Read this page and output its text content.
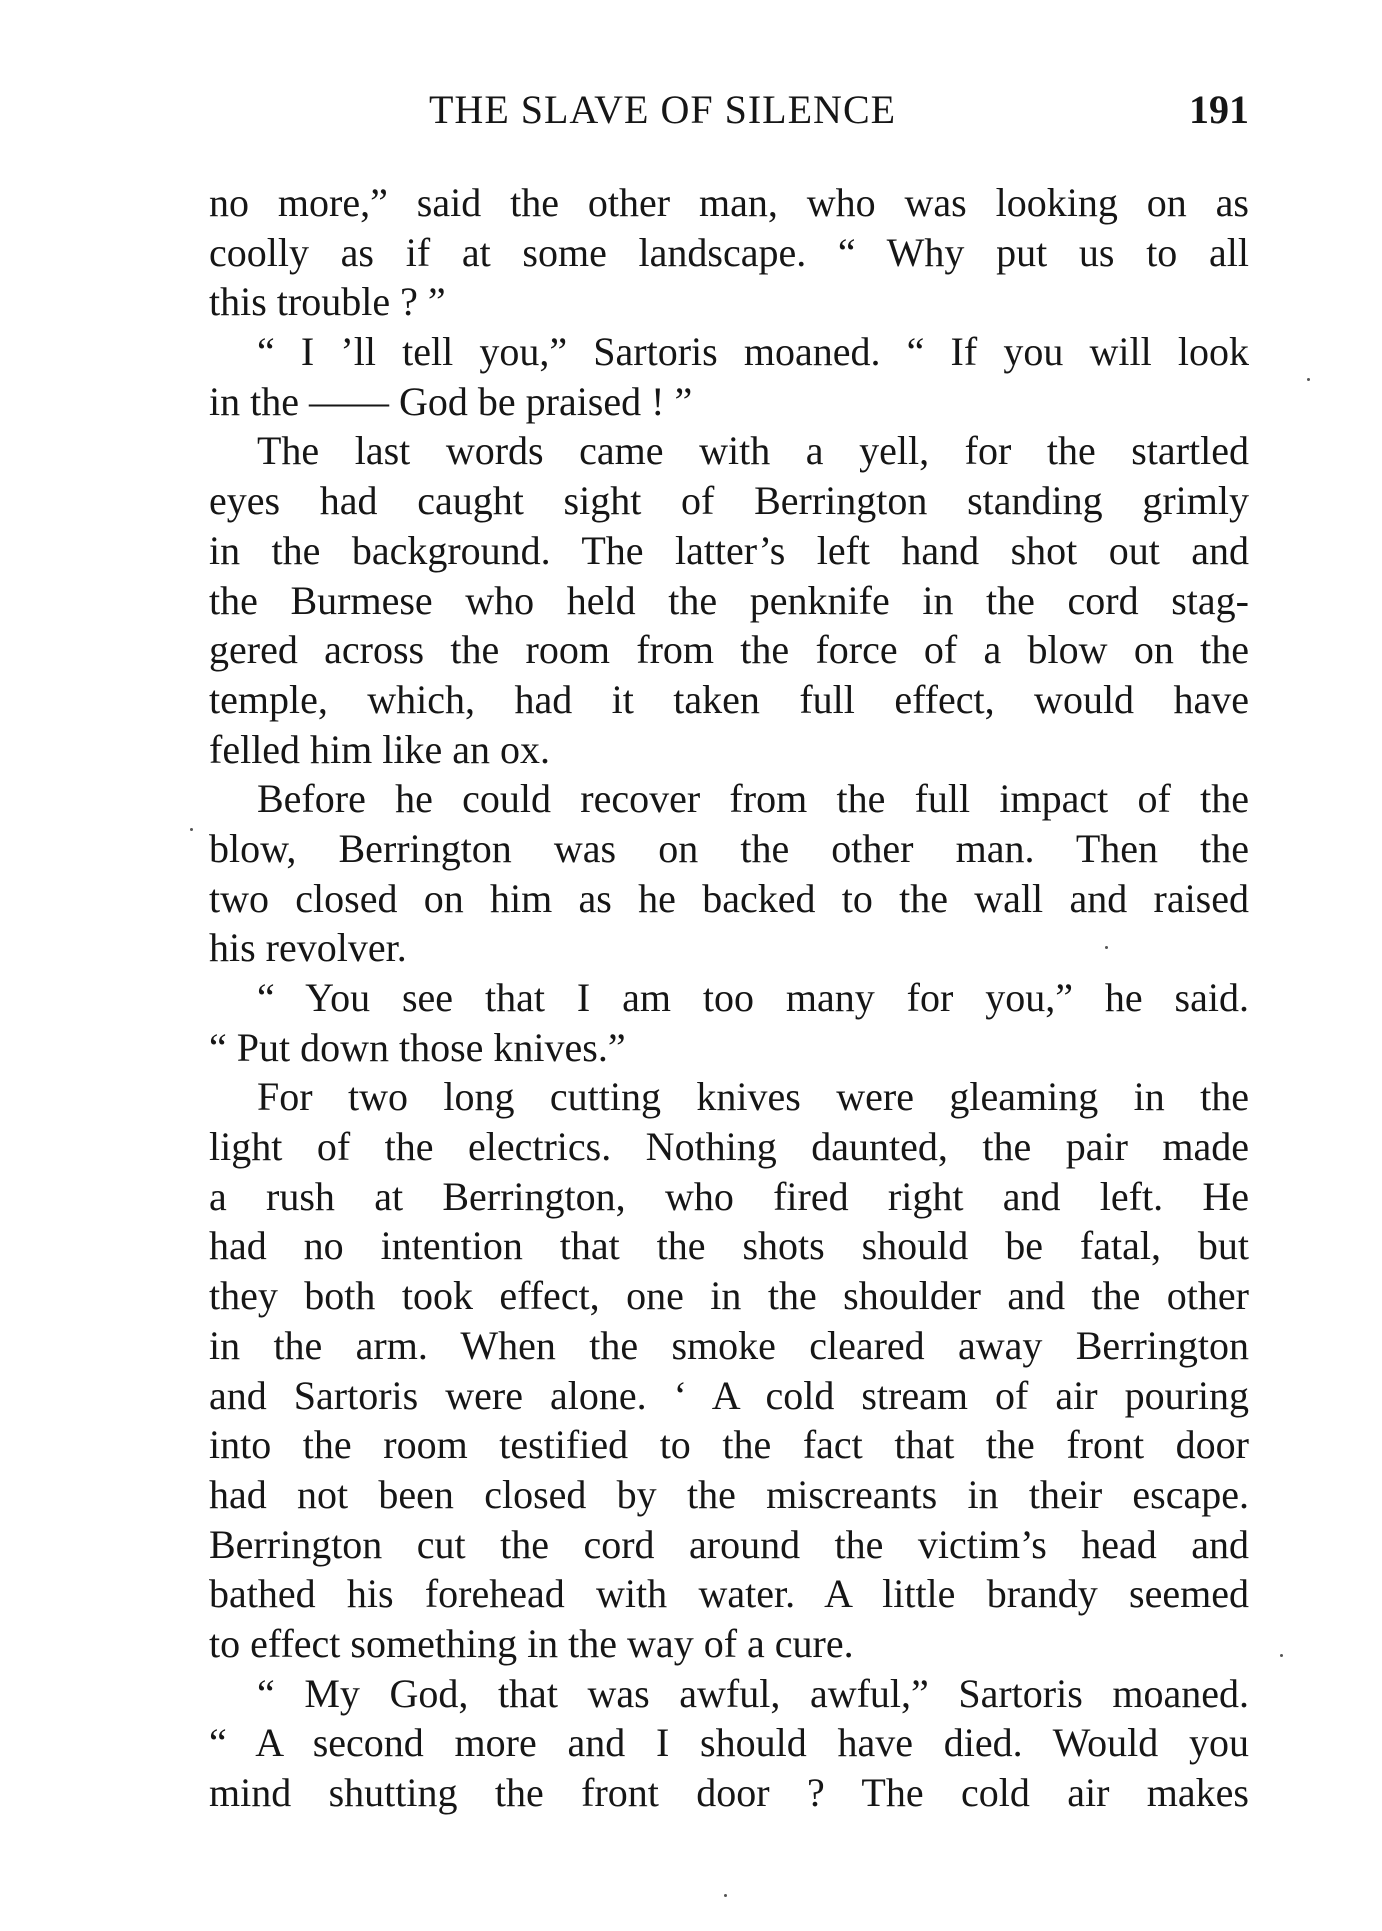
THE SLAVE OF SILENCE	191
no more,” said the other man, who was looking on as
coolly as if at some landscape. “ Why put us to all
this trouble ? ”
“ I ’ll tell you,” Sartoris moaned. “ If you will look
in the —— God be praised ! ”
The last words came with a yell, for the startled
eyes had caught sight of Berrington standing grimly
in the background. The latter’s left hand shot out and
the Burmese who held the penknife in the cord stag-
gered across the room from the force of a blow on the
temple, which, had it taken full effect, would have
felled him like an ox.
Before he could recover from the full impact of the
blow, Berrington was on the other man. Then the
two closed on him as he backed to the wall and raised
his revolver.
“ You see that I am too many for you,” he said.
“ Put down those knives.”
For two long cutting knives were gleaming in the
light of the electrics. Nothing daunted, the pair made
a rush at Berrington, who fired right and left. He
had no intention that the shots should be fatal, but
they both took effect, one in the shoulder and the other
in the arm. When the smoke cleared away Berrington
and Sartoris were alone. ‘ A cold stream of air pouring
into the room testified to the fact that the front door
had not been closed by the miscreants in their escape.
Berrington cut the cord around the victim’s head and
bathed his forehead with water. A little brandy seemed
to effect something in the way of a cure.
“ My God, that was awful, awful,” Sartoris moaned.
“ A second more and I should have died. Would you
mind shutting the front door ? The cold air makes
